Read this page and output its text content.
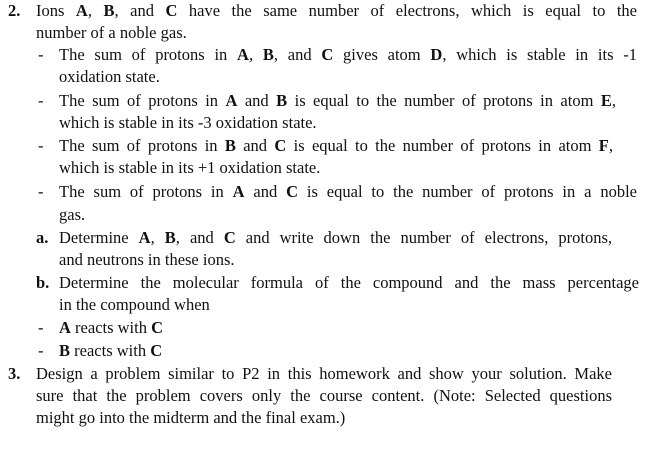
2. Ions A, B, and C have the same number of electrons, which is equal to the
number of a noble gas.
- The sum of protons in A, B, and C gives atom D, which is stable in its -1
oxidation state.
- The sum of protons in A and B is equal to the number of protons in atom E,
which is stable in its -3 oxidation state.
- The sum of protons in B and C is equal to the number of protons in atom F,
which is stable in its +1 oxidation state.
- The sum of protons in A and C is equal to the number of protons in a noble
gas.
a. Determine A, B, and C and write down the number of electrons, protons,
and neutrons in these ions.
b. Determine the molecular formula of the compound and the mass percentage
in the compound when
- A reacts with C
- B reacts with C
3. Design a problem similar to P2 in this homework and show your solution. Make
sure that the problem covers only the course content. (Note: Selected questions
might go into the midterm and the final exam.)
